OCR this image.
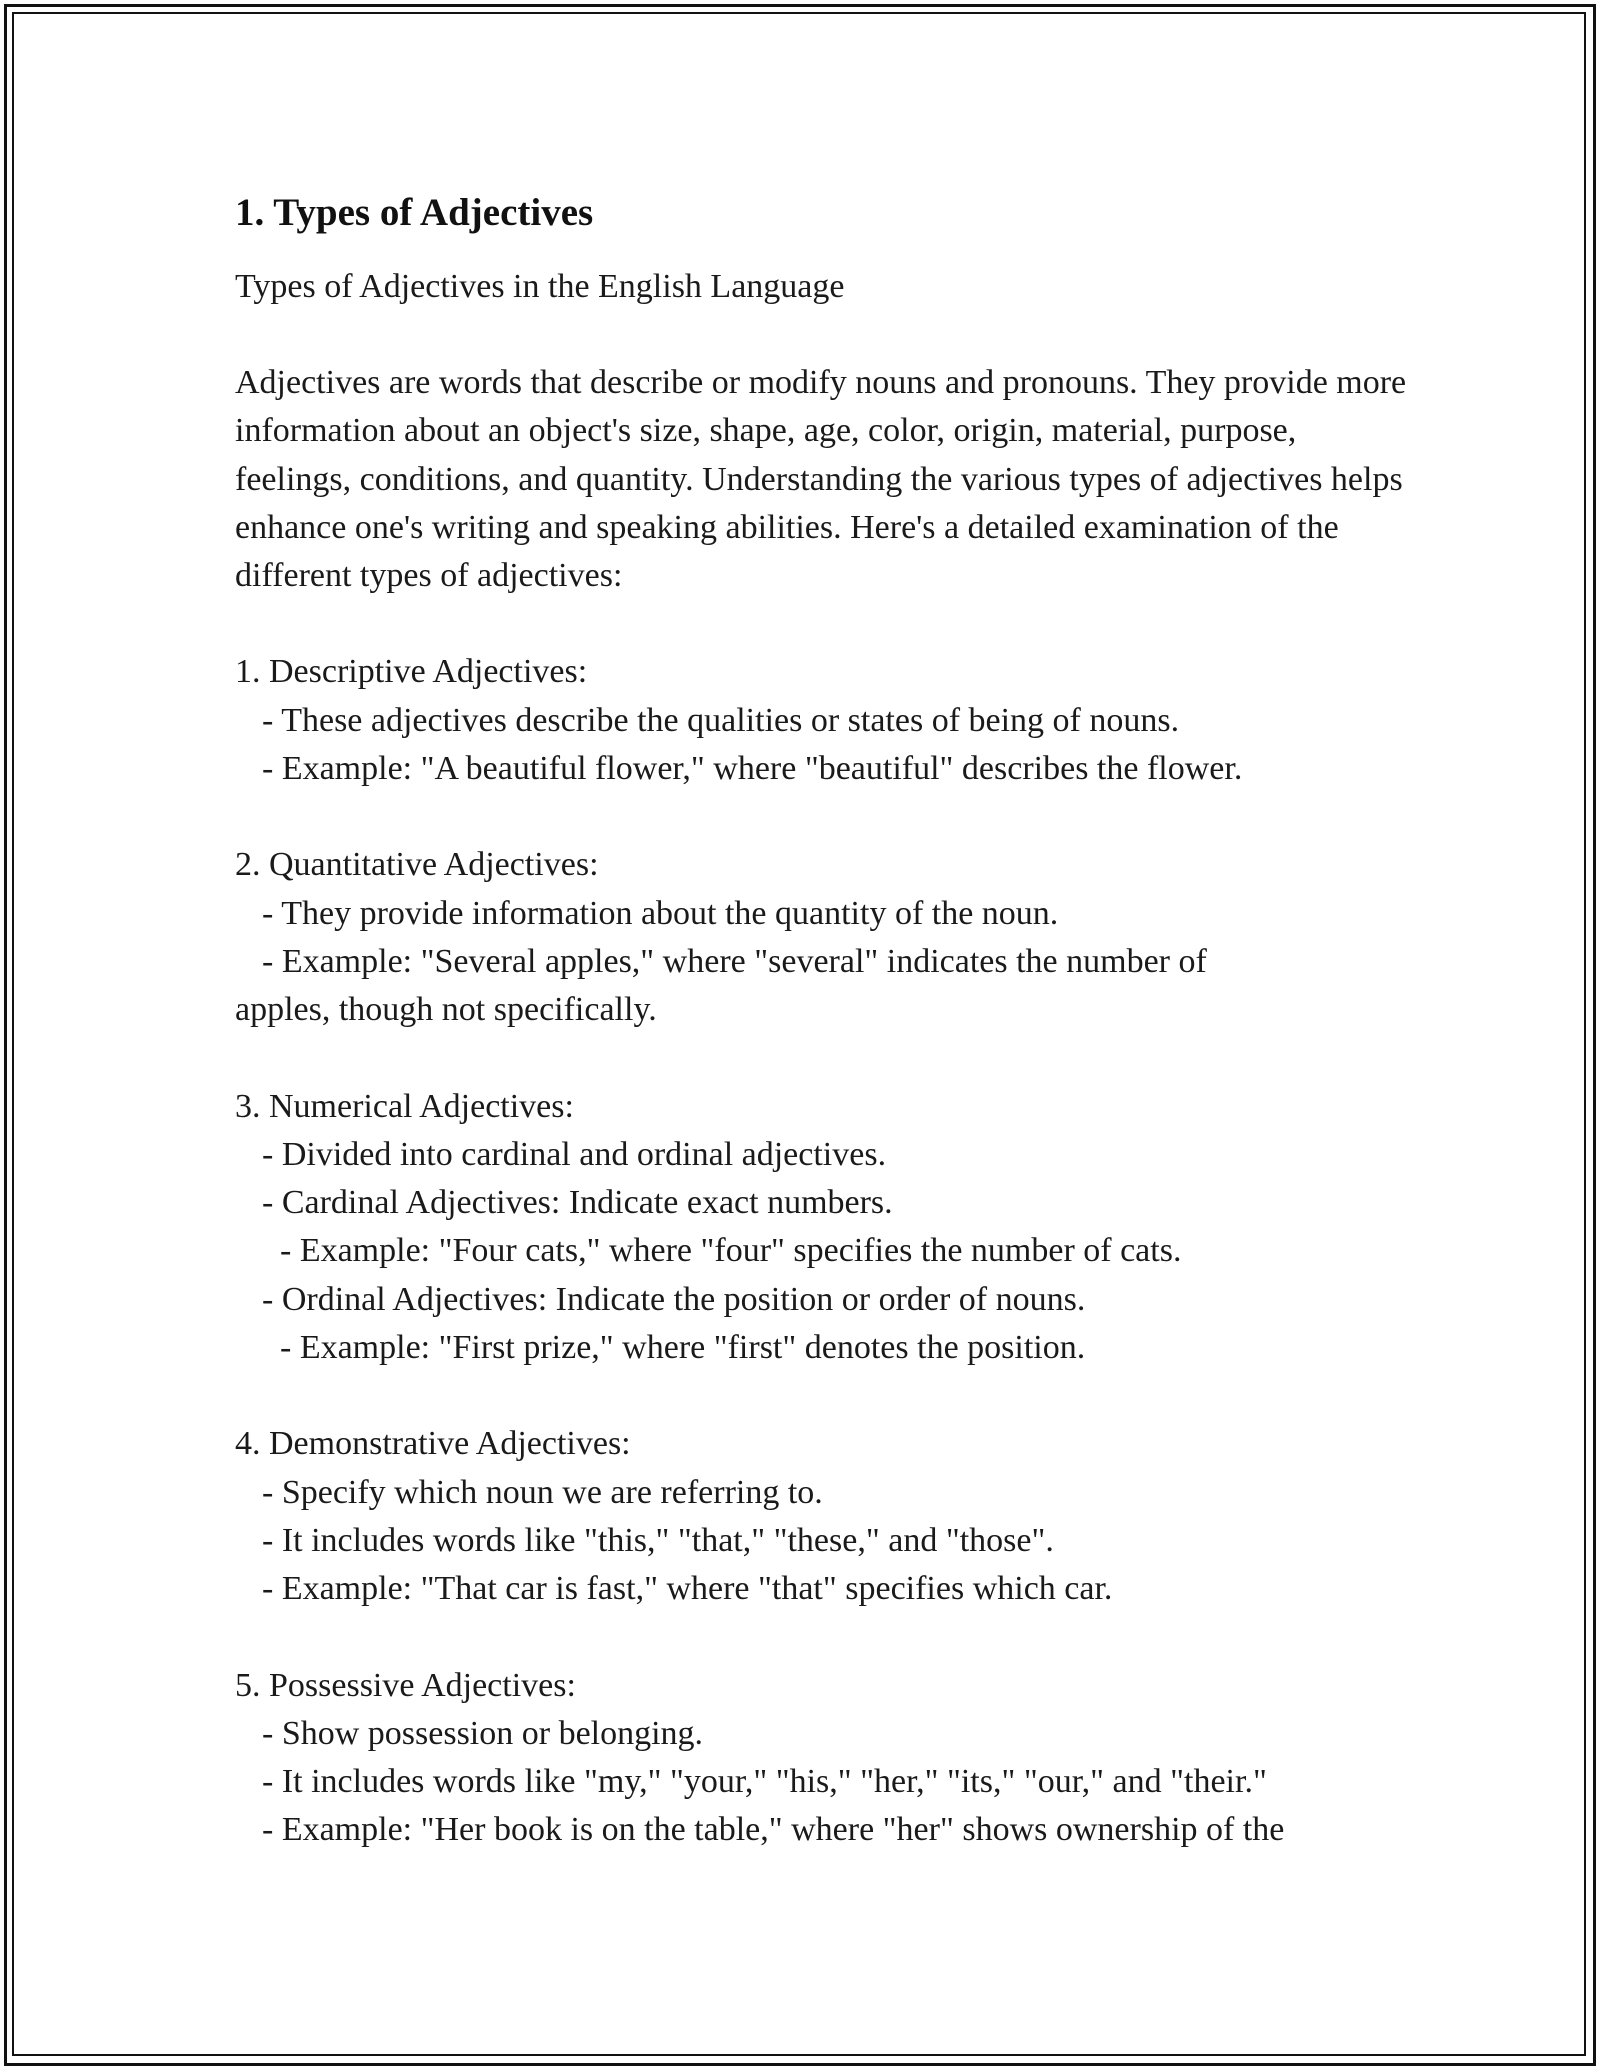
1. Types of Adjectives
Types of Adjectives in the English Language
Adjectives are words that describe or modify nouns and pronouns. They provide more information about an object's size, shape, age, color, origin, material, purpose, feelings, conditions, and quantity. Understanding the various types of adjectives helps enhance one's writing and speaking abilities. Here's a detailed examination of the different types of adjectives:
1. Descriptive Adjectives:
- These adjectives describe the qualities or states of being of nouns.
- Example: "A beautiful flower," where "beautiful" describes the flower.
2. Quantitative Adjectives:
- They provide information about the quantity of the noun.
- Example: "Several apples," where "several" indicates the number of
apples, though not specifically.
3. Numerical Adjectives:
- Divided into cardinal and ordinal adjectives.
- Cardinal Adjectives: Indicate exact numbers.
- Example: "Four cats," where "four" specifies the number of cats.
- Ordinal Adjectives: Indicate the position or order of nouns.
- Example: "First prize," where "first" denotes the position.
4. Demonstrative Adjectives:
- Specify which noun we are referring to.
- It includes words like "this," "that," "these," and "those".
- Example: "That car is fast," where "that" specifies which car.
5. Possessive Adjectives:
- Show possession or belonging.
- It includes words like "my," "your," "his," "her," "its," "our," and "their."
- Example: "Her book is on the table," where "her" shows ownership of the
